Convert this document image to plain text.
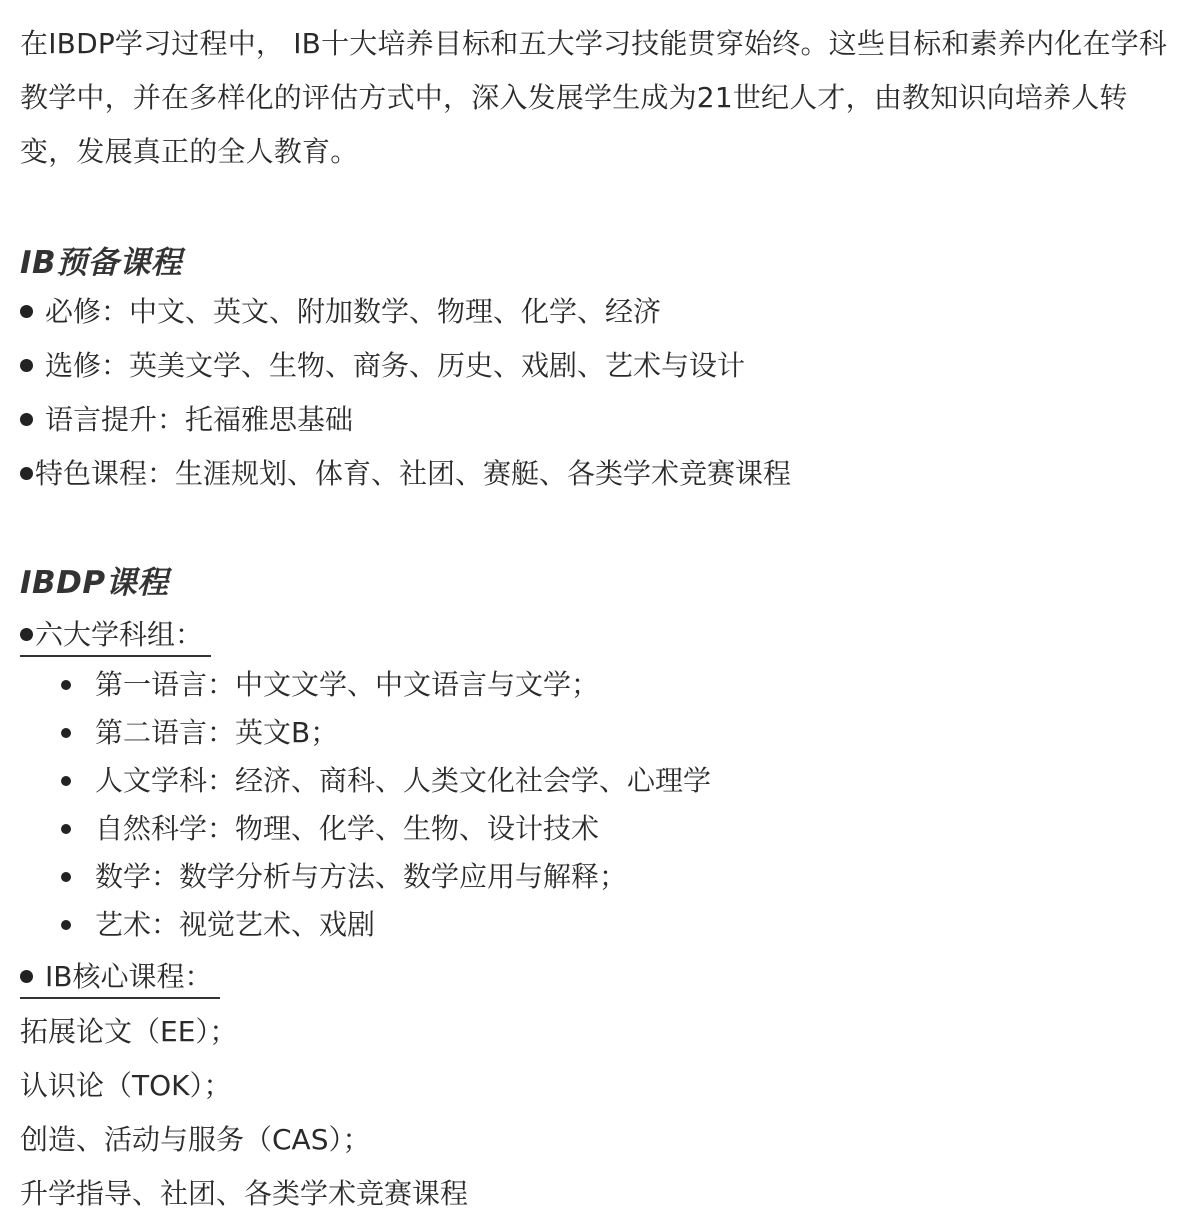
在IBDP学习过程中， IB十大培养目标和五大学习技能贯穿始终。这些目标和素养内化在学科教学中，并在多样化的评估方式中，深入发展学生成为21世纪人才，由教知识向培养人转变，发展真正的全人教育。

IB预备课程
必修：中文、英文、附加数学、物理、化学、经济
选修：英美文学、生物、商务、历史、戏剧、艺术与设计
语言提升：托福雅思基础
特色课程：生涯规划、体育、社团、赛艇、各类学术竞赛课程
IBDP课程
六大学科组：
第一语言：中文文学、中文语言与文学；
第二语言：英文B；
人文学科：经济、商科、人类文化社会学、心理学
自然科学：物理、化学、生物、设计技术
数学：数学分析与方法、数学应用与解释；
艺术：视觉艺术、戏剧
IB核心课程：
拓展论文（EE）；
认识论（TOK）；
创造、活动与服务（CAS）；
升学指导、社团、各类学术竞赛课程
